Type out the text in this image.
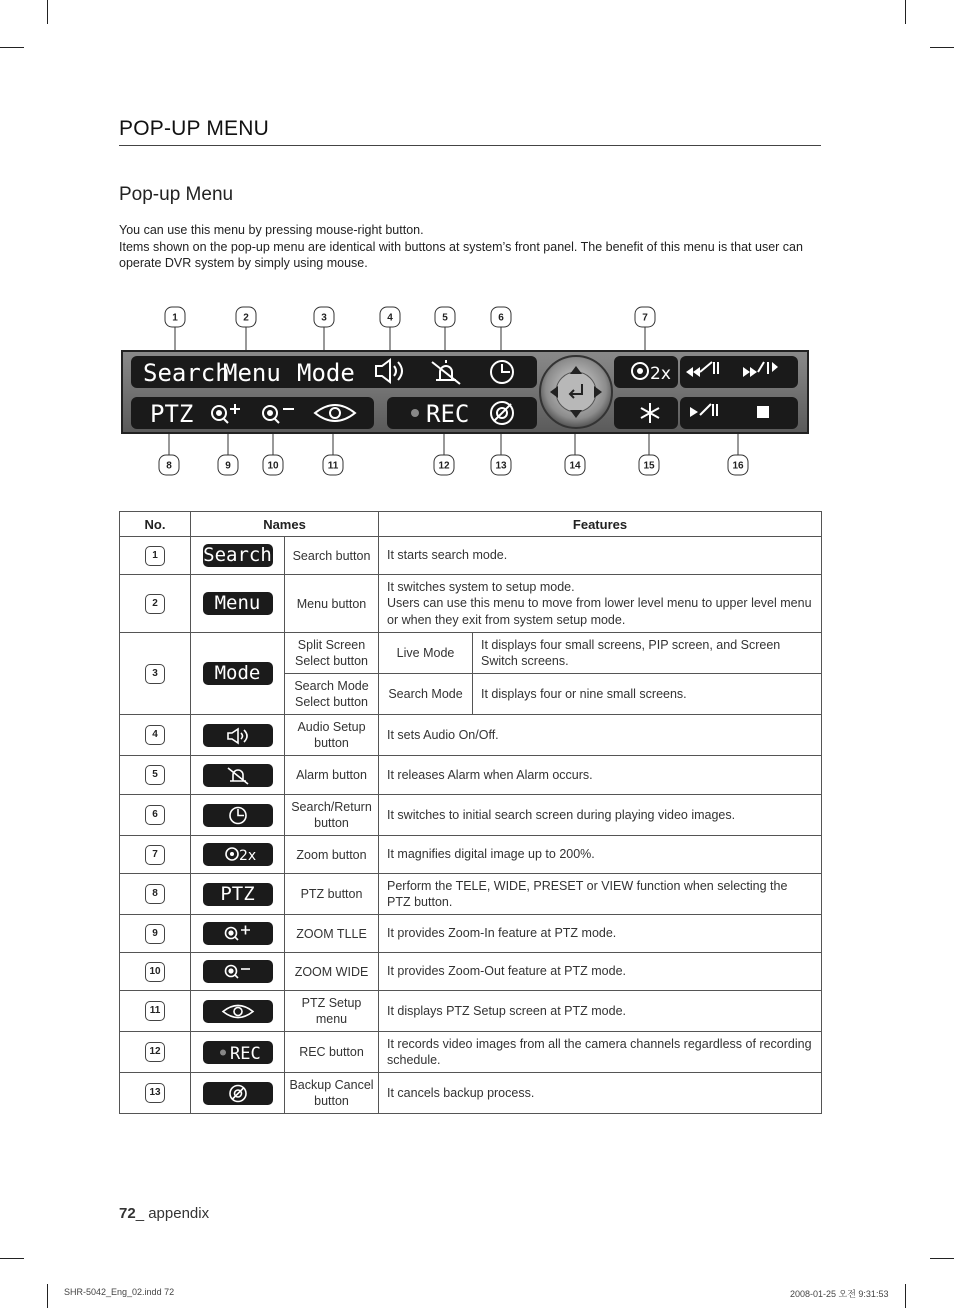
POP-UP MENU
Pop-up Menu

You can use this menu by pressing mouse-right button.

Items shown on the pop-up menu are identical with buttons at system’s front panel. The benefit of this menu is that user can operate DVR system by simply using mouse.

Search
Menu Mode
PTZ	REC
2x
1	2	3	4	5	6	7
8	9	10	11	12	13	14	15	16
No.	Names		Features	
1	Search	Search button	It starts search mode.	
2	Menu	Menu button	It switches system to setup mode.
Users can use this menu to move from lower level menu to upper level menu or when they exit from system setup mode.	
3	Mode	Split Screen Select button	Live Mode	It displays four small screens, PIP screen, and Screen Switch screens.
		Search Mode Select button	Search Mode	It displays four or nine small screens.
4		Audio Setup button	It sets Audio On/Off.	
5		Alarm button	It releases Alarm when Alarm occurs.	
6		Search/Return button	It switches to initial search screen during playing video images.	
7	2x	Zoom button	It magnifies digital image up to 200%.	
8	PTZ	PTZ button	Perform the TELE, WIDE, PRESET or VIEW function when selecting the PTZ button.	
9		ZOOM TLLE	It provides Zoom-In feature at PTZ mode.	
10		ZOOM WIDE	It provides Zoom-Out feature at PTZ mode.	
11		PTZ Setup menu	It displays PTZ Setup screen at PTZ mode.	
12	REC	REC button	It records video images from all the camera channels regardless of recording schedule.	
13		Backup Cancel button	It cancels backup process.	
72_ appendix
SHR-5042_Eng_02.indd 72	2008-01-25 오전 9:31:53
